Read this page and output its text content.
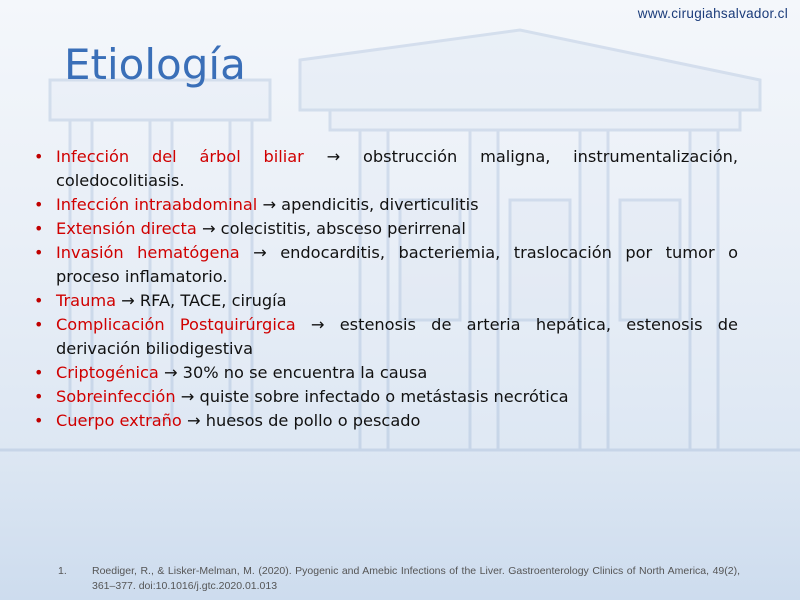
www.cirugiahsalvador.cl
Etiología
• Infección del árbol biliar → obstrucción maligna, instrumentalización, coledocolitiasis.
• Infección intraabdominal → apendicitis, diverticulitis
• Extensión directa → colecistitis, absceso perirrenal
• Invasión hematógena → endocarditis, bacteriemia, traslocación por tumor o proceso inflamatorio.
• Trauma → RFA, TACE, cirugía
• Complicación Postquirúrgica → estenosis de arteria hepática, estenosis de derivación biliodigestiva
• Criptogénica → 30% no se encuentra la causa
• Sobreinfección → quiste sobre infectado o metástasis necrótica
• Cuerpo extraño → huesos de pollo o pescado
1.	Roediger, R., & Lisker-Melman, M. (2020). Pyogenic and Amebic Infections of the Liver. Gastroenterology Clinics of North America, 49(2), 361–377. doi:10.1016/j.gtc.2020.01.013
